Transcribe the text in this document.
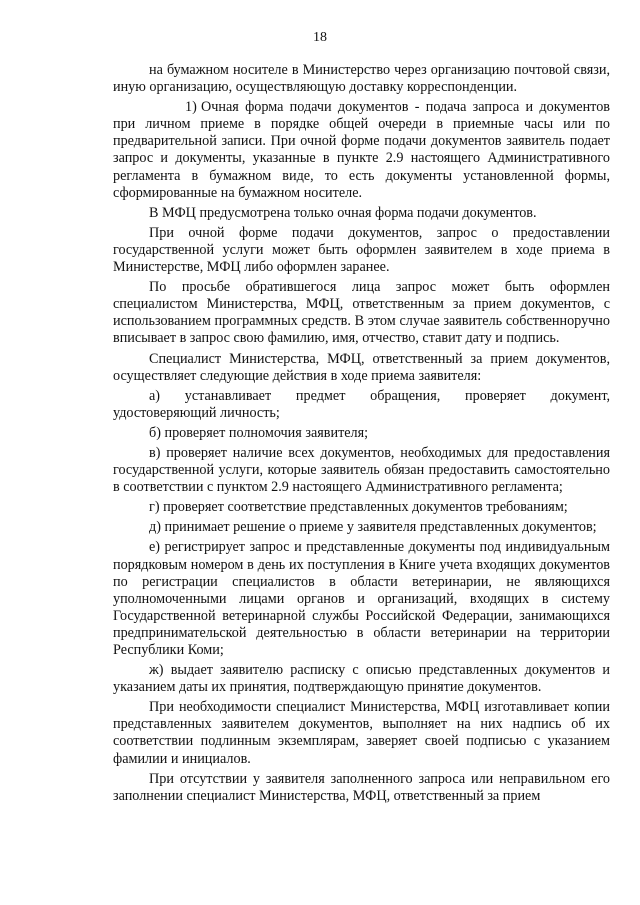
18

на бумажном носителе в Министерство через организацию почтовой связи, иную организацию, осуществляющую доставку корреспонденции.

1) Очная форма подачи документов - подача запроса и документов при личном приеме в порядке общей очереди в приемные часы или по предварительной записи. При очной форме подачи документов заявитель подает запрос и документы, указанные в пункте 2.9 настоящего Административного регламента в бумажном виде, то есть документы установленной формы, сформированные на бумажном носителе.

В МФЦ предусмотрена только очная форма подачи документов.

При очной форме подачи документов, запрос о предоставлении государственной услуги может быть оформлен заявителем в ходе приема в Министерстве, МФЦ либо оформлен заранее.

По просьбе обратившегося лица запрос может быть оформлен специалистом Министерства, МФЦ, ответственным за прием документов, с использованием программных средств. В этом случае заявитель собственноручно вписывает в запрос свою фамилию, имя, отчество, ставит дату и подпись.

Специалист Министерства, МФЦ, ответственный за прием документов, осуществляет следующие действия в ходе приема заявителя:

а) устанавливает предмет обращения, проверяет документ, удостоверяющий личность;

б) проверяет полномочия заявителя;

в) проверяет наличие всех документов, необходимых для предоставления государственной услуги, которые заявитель обязан предоставить самостоятельно в соответствии с пунктом 2.9 настоящего Административного регламента;

г) проверяет соответствие представленных документов требованиям;

д) принимает решение о приеме у заявителя представленных документов;

е) регистрирует запрос и представленные документы под индивидуальным порядковым номером в день их поступления в Книге учета входящих документов по регистрации специалистов в области ветеринарии, не являющихся уполномоченными лицами органов и организаций, входящих в систему Государственной ветеринарной службы Российской Федерации, занимающихся предпринимательской деятельностью в области ветеринарии на территории Республики Коми;

ж) выдает заявителю расписку с описью представленных документов и указанием даты их принятия, подтверждающую принятие документов.

При необходимости специалист Министерства, МФЦ изготавливает копии представленных заявителем документов, выполняет на них надпись об их соответствии подлинным экземплярам, заверяет своей подписью с указанием фамилии и инициалов.

При отсутствии у заявителя заполненного запроса или неправильном его заполнении специалист Министерства, МФЦ, ответственный за прием
